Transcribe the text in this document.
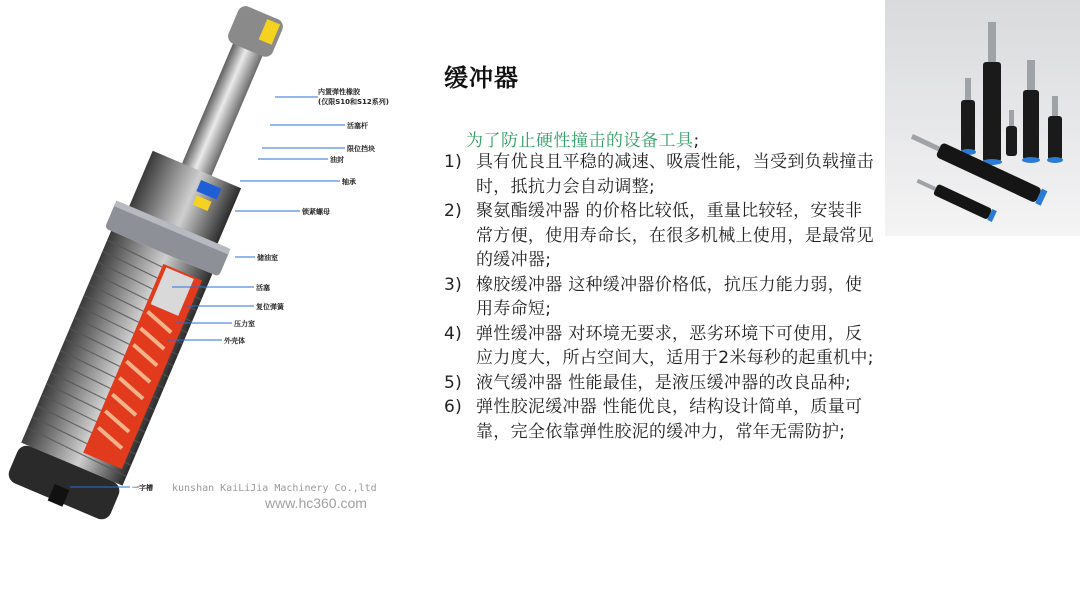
内置弹性橡胶
(仅限S10和S12系列)
活塞杆
限位挡块
油封
轴承
锁紧螺母
储油室
活塞
复位弹簧
压力室
外壳体
一字槽 kunshan KaiLiJia Machinery Co.,ltd
www.hc360.com
缓冲器
为了防止硬性撞击的设备工具;
1) 具有优良且平稳的减速、吸震性能，当受到负载撞击时，抵抗力会自动调整;
2) 聚氨酯缓冲器 的价格比较低，重量比较轻，安装非常方便，使用寿命长，在很多机械上使用，是最常见的缓冲器;
3) 橡胶缓冲器 这种缓冲器价格低，抗压力能力弱，使用寿命短;
4) 弹性缓冲器 对环境无要求，恶劣环境下可使用，反应力度大，所占空间大，适用于2米每秒的起重机中;
5) 液气缓冲器 性能最佳，是液压缓冲器的改良品种;
6) 弹性胶泥缓冲器 性能优良，结构设计简单，质量可靠，完全依靠弹性胶泥的缓冲力，常年无需防护;
